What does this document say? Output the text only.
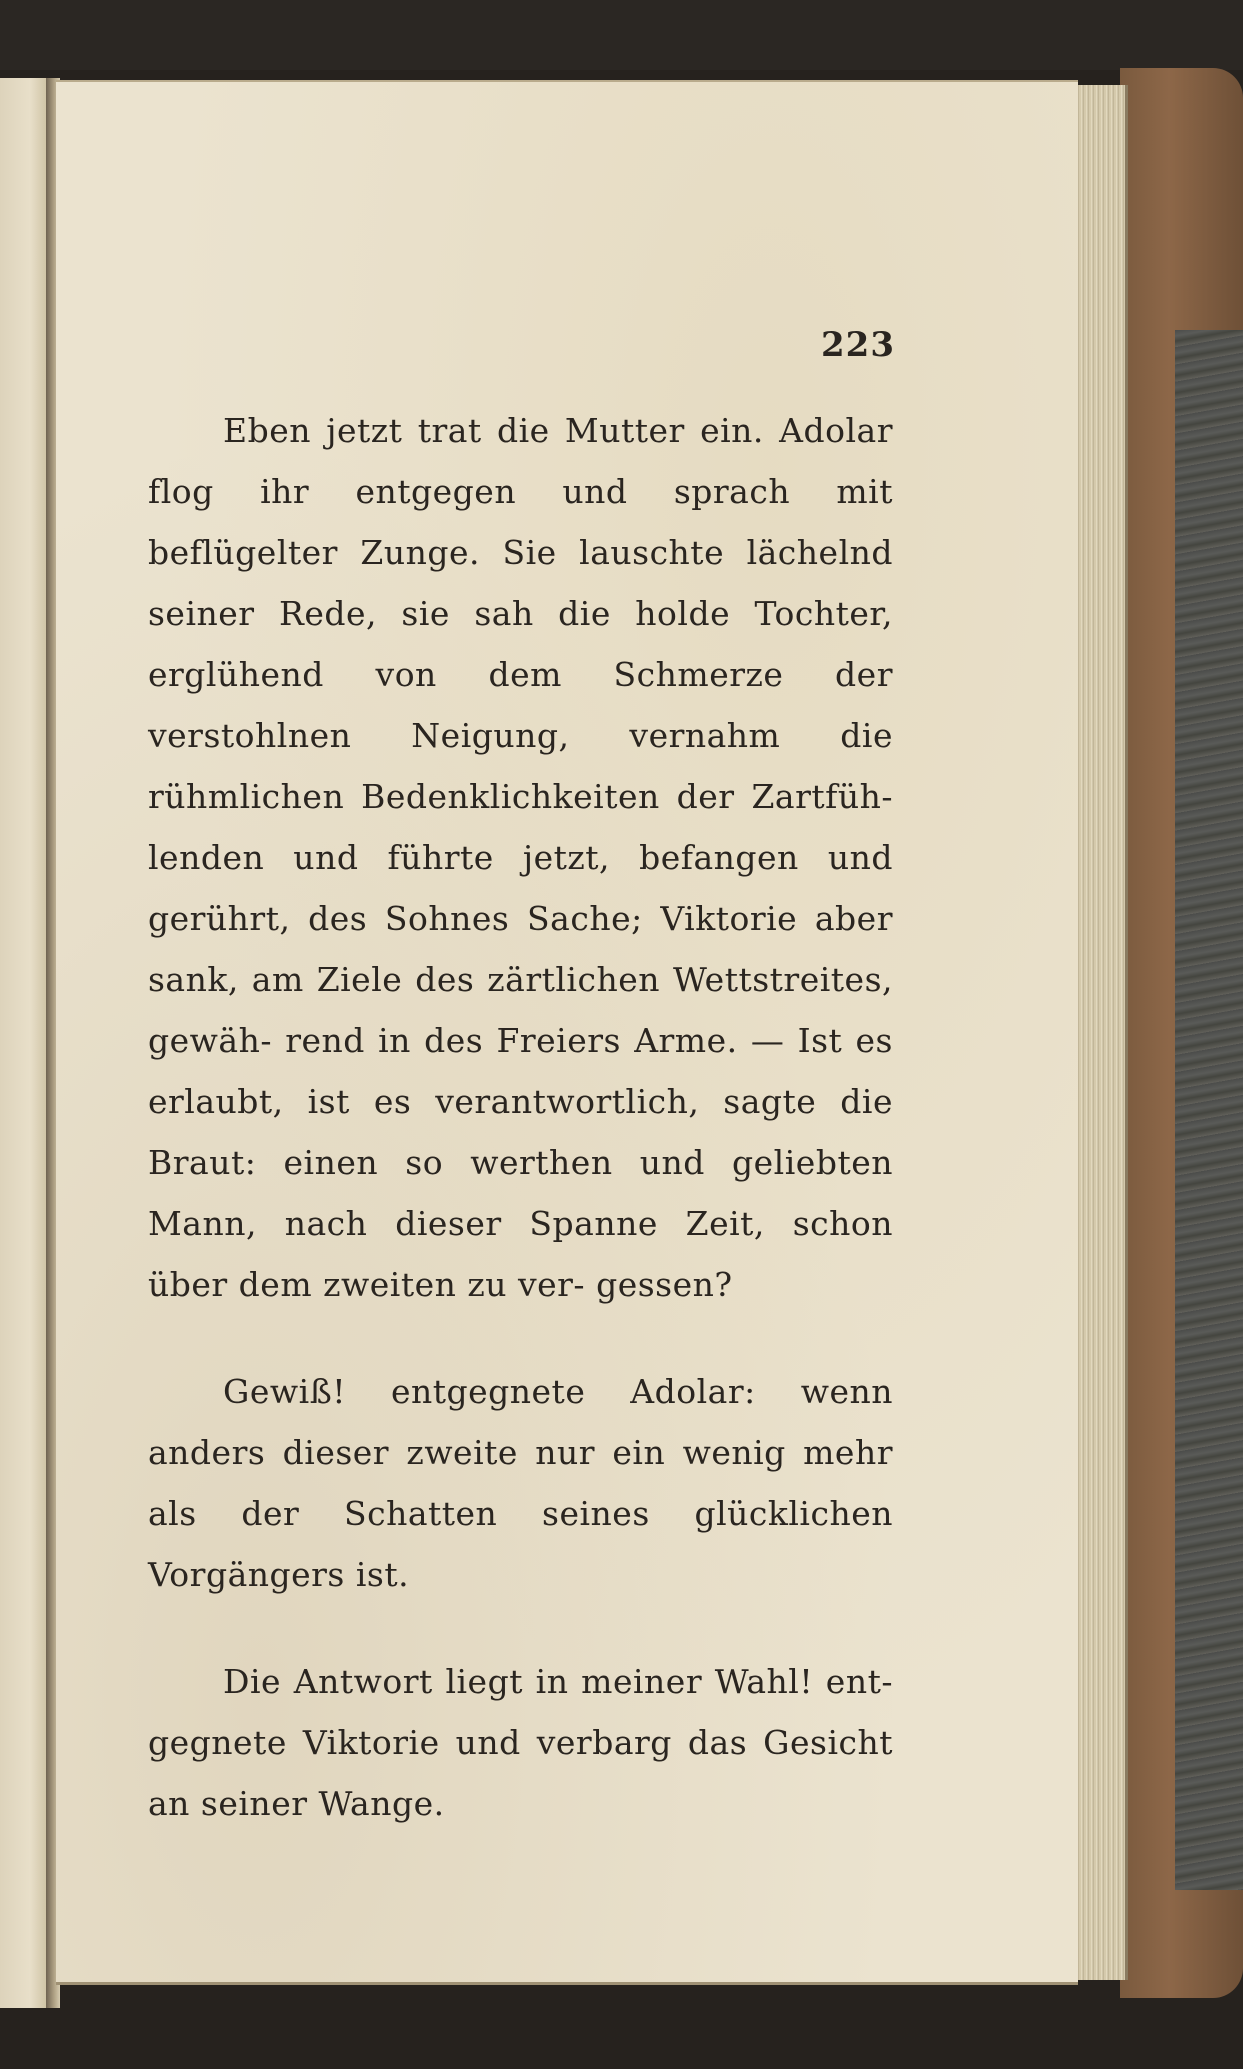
223

Eben jetzt trat die Mutter ein. Adolar flog ihr entgegen und sprach mit beflügelter Zunge. Sie lauschte lächelnd seiner Rede, sie sah die holde Tochter, erglühend von dem Schmerze der verstohlnen Neigung, vernahm die rühmlichen Bedenklichkeiten der Zartfüh- lenden und führte jetzt, befangen und gerührt, des Sohnes Sache; Viktorie aber sank, am Ziele des zärtlichen Wettstreites, gewäh- rend in des Freiers Arme. — Ist es erlaubt, ist es verantwortlich, sagte die Braut: einen so werthen und geliebten Mann, nach dieser Spanne Zeit, schon über dem zweiten zu ver- gessen?

Gewiß! entgegnete Adolar: wenn anders dieser zweite nur ein wenig mehr als der Schatten seines glücklichen Vorgängers ist.

Die Antwort liegt in meiner Wahl! ent- gegnete Viktorie und verbarg das Gesicht an seiner Wange.
